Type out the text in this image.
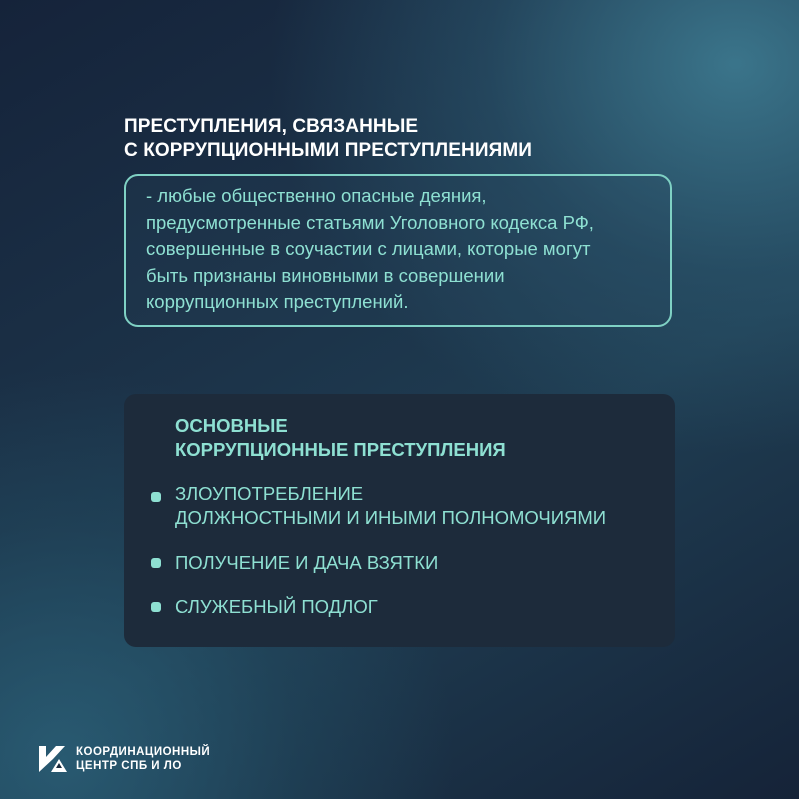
ПРЕСТУПЛЕНИЯ, СВЯЗАННЫЕ
С КОРРУПЦИОННЫМИ ПРЕСТУПЛЕНИЯМИ
- любые общественно опасные деяния,
предусмотренные статьями Уголовного кодекса РФ,
совершенные в соучастии с лицами, которые могут
быть признаны виновными в совершении
коррупционных преступлений.
ОСНОВНЫЕ
КОРРУПЦИОННЫЕ ПРЕСТУПЛЕНИЯ
ЗЛОУПОТРЕБЛЕНИЕ
ДОЛЖНОСТНЫМИ И ИНЫМИ ПОЛНОМОЧИЯМИ
ПОЛУЧЕНИЕ И ДАЧА ВЗЯТКИ
СЛУЖЕБНЫЙ ПОДЛОГ
КООРДИНАЦИОННЫЙ
ЦЕНТР СПБ И ЛО
